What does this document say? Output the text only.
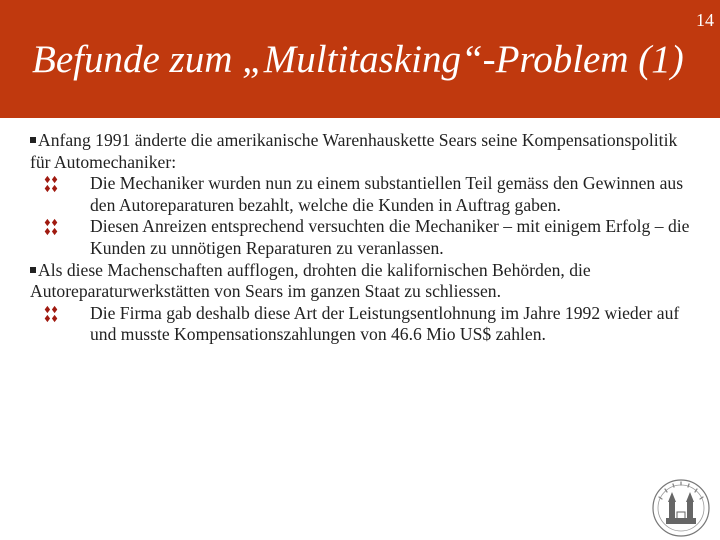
14
Befunde zum „Multitasking“-Problem (1)

Anfang 1991 änderte die amerikanische Warenhauskette Sears seine Kompensationspolitik für Automechaniker:

Die Mechaniker wurden nun zu einem substantiellen Teil gemäss den Gewinnen aus den Autoreparaturen bezahlt, welche die Kunden in Auftrag gaben.

Diesen Anreizen entsprechend versuchten die Mechaniker – mit einigem Erfolg – die Kunden zu unnötigen Reparaturen zu veranlassen.

Als diese Machenschaften aufflogen, drohten die kalifornischen Behörden, die Autoreparaturwerkstätten von Sears im ganzen Staat zu schliessen.

Die Firma gab deshalb diese Art der Leistungsentlohnung im Jahre 1992 wieder auf und musste Kompensationszahlungen von 46.6 Mio US$ zahlen.
